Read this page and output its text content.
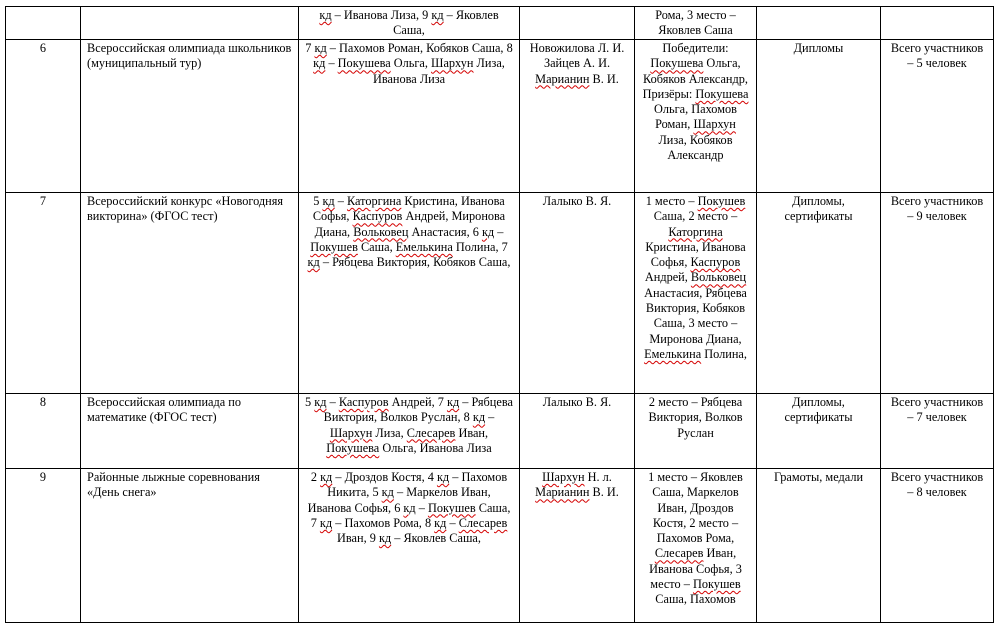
		кд – Иванова Лиза, 9 кд – Яковлев Саша,		Рома, 3 место – Яковлев Саша		
6	Всероссийская олимпиада школьников (муниципальный тур)	7 кд – Пахомов Роман, Кобяков Саша, 8 кд – Покушева Ольга, Шархун Лиза, Иванова Лиза	Новожилова Л. И. Зайцев А. И. Марианин В. И.	Победители: Покушева Ольга, Кобяков Александр, Призёры: Покушева Ольга, Пахомов Роман, Шархун Лиза, Кобяков Александр	Дипломы	Всего участников – 5 человек
7	Всероссийский конкурс «Новогодняя викторина» (ФГОС тест)	5 кд – Каторгина Кристина, Иванова Софья, Каспуров Андрей, Миронова Диана, Вольковец Анастасия, 6 кд – Покушев Саша, Емелькина Полина, 7 кд – Рябцева Виктория, Кобяков Саша,	Лалыко В. Я.	1 место – Покушев Саша, 2 место – Каторгина Кристина, Иванова Софья, Каспуров Андрей, Вольковец Анастасия, Рябцева Виктория, Кобяков Саша, 3 место – Миронова Диана, Емелькина Полина,	Дипломы, сертификаты	Всего участников – 9 человек
8	Всероссийская олимпиада по математике (ФГОС тест)	5 кд – Каспуров Андрей, 7 кд – Рябцева Виктория, Волков Руслан, 8 кд – Шархун Лиза, Слесарев Иван, Покушева Ольга, Иванова Лиза	Лалыко В. Я.	2 место – Рябцева Виктория, Волков Руслан	Дипломы, сертификаты	Всего участников – 7 человек
9	Районные лыжные соревнования «День снега»	2 кд – Дроздов Костя, 4 кд – Пахомов Никита, 5 кд – Маркелов Иван, Иванова Софья, 6 кд – Покушев Саша, 7 кд – Пахомов Рома, 8 кд – Слесарев Иван, 9 кд – Яковлев Саша,	Шархун Н. л. Марианин В. И.	1 место – Яковлев Саша, Маркелов Иван, Дроздов Костя, 2 место – Пахомов Рома, Слесарев Иван, Иванова Софья, 3 место – Покушев Саша, Пахомов	Грамоты, медали	Всего участников – 8 человек
